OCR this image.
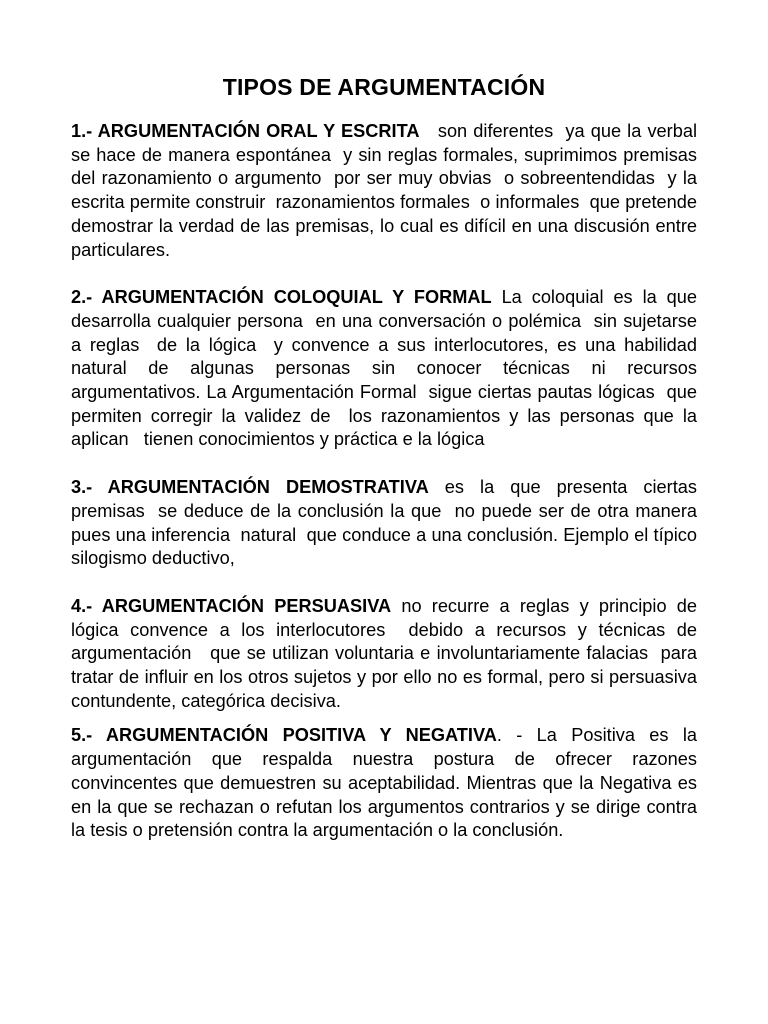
TIPOS DE ARGUMENTACIÓN

1.- ARGUMENTACIÓN ORAL Y ESCRITA   son diferentes  ya que la verbal  se hace de manera espontánea  y sin reglas formales, suprimimos premisas  del razonamiento o argumento  por ser muy obvias  o sobreentendidas  y la escrita permite construir  razonamientos formales  o informales  que pretende demostrar la verdad de las premisas, lo cual es difícil en una discusión entre particulares.

2.- ARGUMENTACIÓN COLOQUIAL Y FORMAL La coloquial es la que desarrolla cualquier persona  en una conversación o polémica  sin sujetarse a reglas  de la lógica  y convence a sus interlocutores, es una habilidad natural de algunas personas sin conocer técnicas ni recursos argumentativos. La Argumentación Formal  sigue ciertas pautas lógicas  que permiten corregir la validez de  los razonamientos y las personas que la aplican   tienen conocimientos y práctica e la lógica

3.- ARGUMENTACIÓN DEMOSTRATIVA es la que presenta ciertas premisas  se deduce de la conclusión la que  no puede ser de otra manera  pues una inferencia  natural  que conduce a una conclusión. Ejemplo el típico silogismo deductivo,

4.- ARGUMENTACIÓN PERSUASIVA no recurre a reglas y principio de lógica convence a los interlocutores  debido a recursos y técnicas de argumentación   que se utilizan voluntaria e involuntariamente falacias  para tratar de influir en los otros sujetos y por ello no es formal, pero si persuasiva contundente, categórica decisiva.

5.- ARGUMENTACIÓN POSITIVA Y NEGATIVA. - La Positiva es la argumentación que respalda nuestra postura de ofrecer razones convincentes que demuestren su aceptabilidad. Mientras que la Negativa es en la que se rechazan o refutan los argumentos contrarios y se dirige contra la tesis o pretensión contra la argumentación o la conclusión.
